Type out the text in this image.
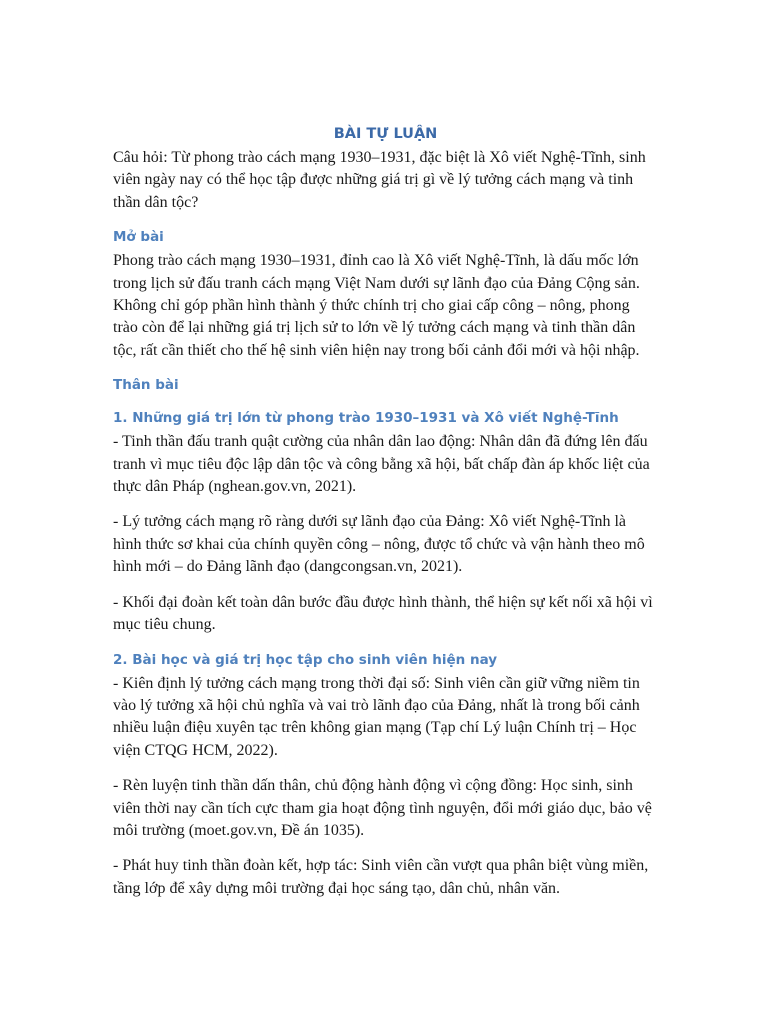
BÀI TỰ LUẬN

Câu hỏi: Từ phong trào cách mạng 1930–1931, đặc biệt là Xô viết Nghệ-Tĩnh, sinh viên ngày nay có thể học tập được những giá trị gì về lý tưởng cách mạng và tinh thần dân tộc?

Mở bài

Phong trào cách mạng 1930–1931, đỉnh cao là Xô viết Nghệ-Tĩnh, là dấu mốc lớn trong lịch sử đấu tranh cách mạng Việt Nam dưới sự lãnh đạo của Đảng Cộng sản. Không chỉ góp phần hình thành ý thức chính trị cho giai cấp công – nông, phong trào còn để lại những giá trị lịch sử to lớn về lý tưởng cách mạng và tinh thần dân tộc, rất cần thiết cho thế hệ sinh viên hiện nay trong bối cảnh đổi mới và hội nhập.

Thân bài
1. Những giá trị lớn từ phong trào 1930–1931 và Xô viết Nghệ-Tĩnh

- Tinh thần đấu tranh quật cường của nhân dân lao động: Nhân dân đã đứng lên đấu tranh vì mục tiêu độc lập dân tộc và công bằng xã hội, bất chấp đàn áp khốc liệt của thực dân Pháp (nghean.gov.vn, 2021).

- Lý tưởng cách mạng rõ ràng dưới sự lãnh đạo của Đảng: Xô viết Nghệ-Tĩnh là hình thức sơ khai của chính quyền công – nông, được tổ chức và vận hành theo mô hình mới – do Đảng lãnh đạo (dangcongsan.vn, 2021).

- Khối đại đoàn kết toàn dân bước đầu được hình thành, thể hiện sự kết nối xã hội vì mục tiêu chung.

2. Bài học và giá trị học tập cho sinh viên hiện nay

- Kiên định lý tưởng cách mạng trong thời đại số: Sinh viên cần giữ vững niềm tin vào lý tưởng xã hội chủ nghĩa và vai trò lãnh đạo của Đảng, nhất là trong bối cảnh nhiều luận điệu xuyên tạc trên không gian mạng (Tạp chí Lý luận Chính trị – Học viện CTQG HCM, 2022).

- Rèn luyện tinh thần dấn thân, chủ động hành động vì cộng đồng: Học sinh, sinh viên thời nay cần tích cực tham gia hoạt động tình nguyện, đổi mới giáo dục, bảo vệ môi trường (moet.gov.vn, Đề án 1035).

- Phát huy tinh thần đoàn kết, hợp tác: Sinh viên cần vượt qua phân biệt vùng miền, tầng lớp để xây dựng môi trường đại học sáng tạo, dân chủ, nhân văn.
